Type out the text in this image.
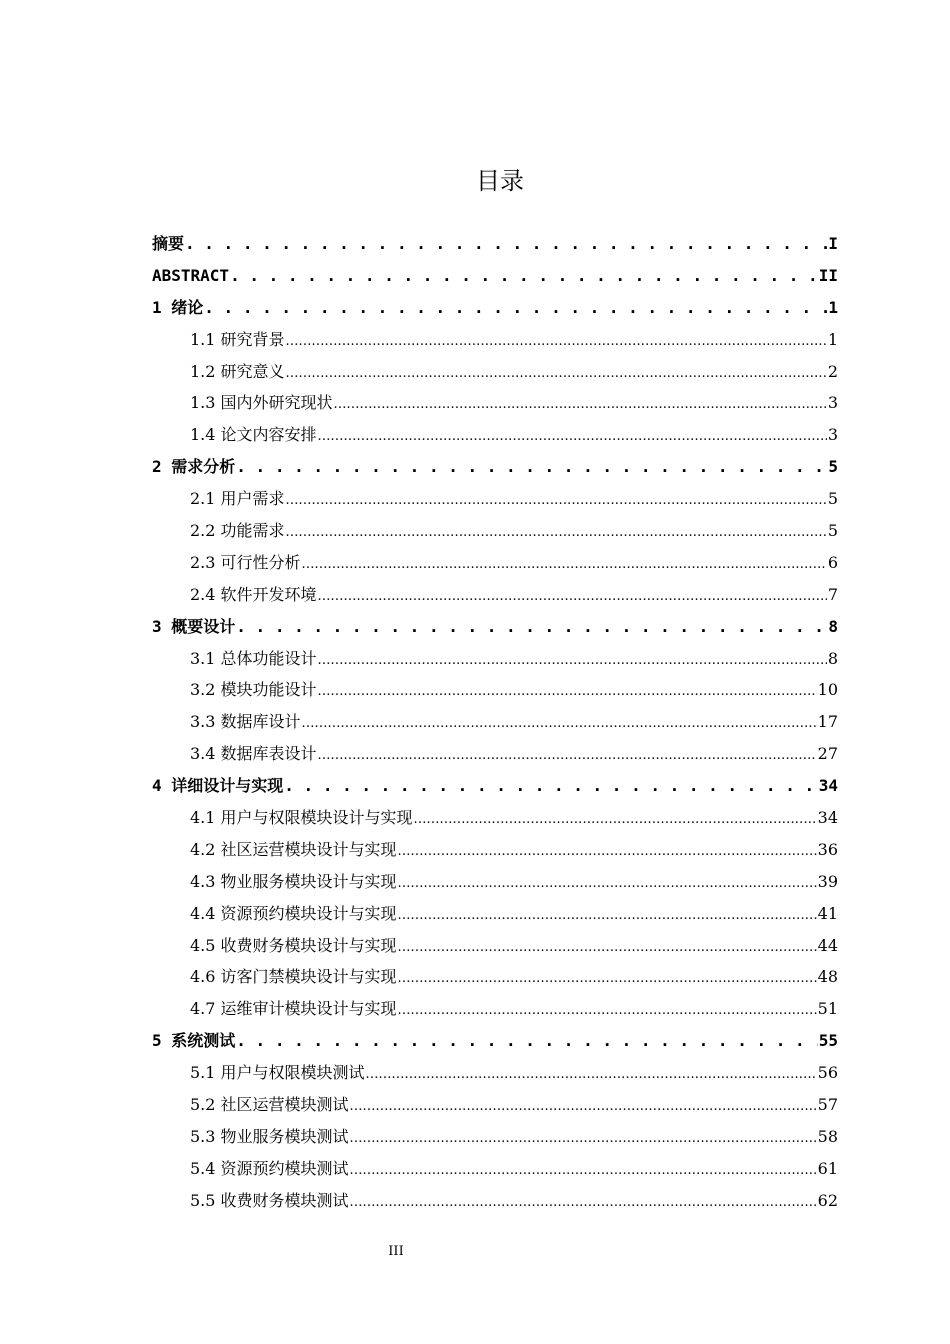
目录
摘要 . . .	I
ABSTRACT . . .	II
1 绪论 . . .	1
1.1 研究背景 .....	1
1.2 研究意义 .....	2
1.3 国内外研究现状 .....	3
1.4 论文内容安排 .....	3
2 需求分析 . . .	5
2.1 用户需求 .....	5
2.2 功能需求 .....	5
2.3 可行性分析 .....	6
2.4 软件开发环境 .....	7
3 概要设计 . . .	8
3.1 总体功能设计 .....	8
3.2 模块功能设计 .....	10
3.3 数据库设计 .....	17
3.4 数据库表设计 .....	27
4 详细设计与实现 . . .	34
4.1 用户与权限模块设计与实现 .....	34
4.2 社区运营模块设计与实现 .....	36
4.3 物业服务模块设计与实现 .....	39
4.4 资源预约模块设计与实现 .....	41
4.5 收费财务模块设计与实现 .....	44
4.6 访客门禁模块设计与实现 .....	48
4.7 运维审计模块设计与实现 .....	51
5 系统测试 . . .	55
5.1 用户与权限模块测试 .....	56
5.2 社区运营模块测试 .....	57
5.3 物业服务模块测试 .....	58
5.4 资源预约模块测试 .....	61
5.5 收费财务模块测试 .....	62
III
